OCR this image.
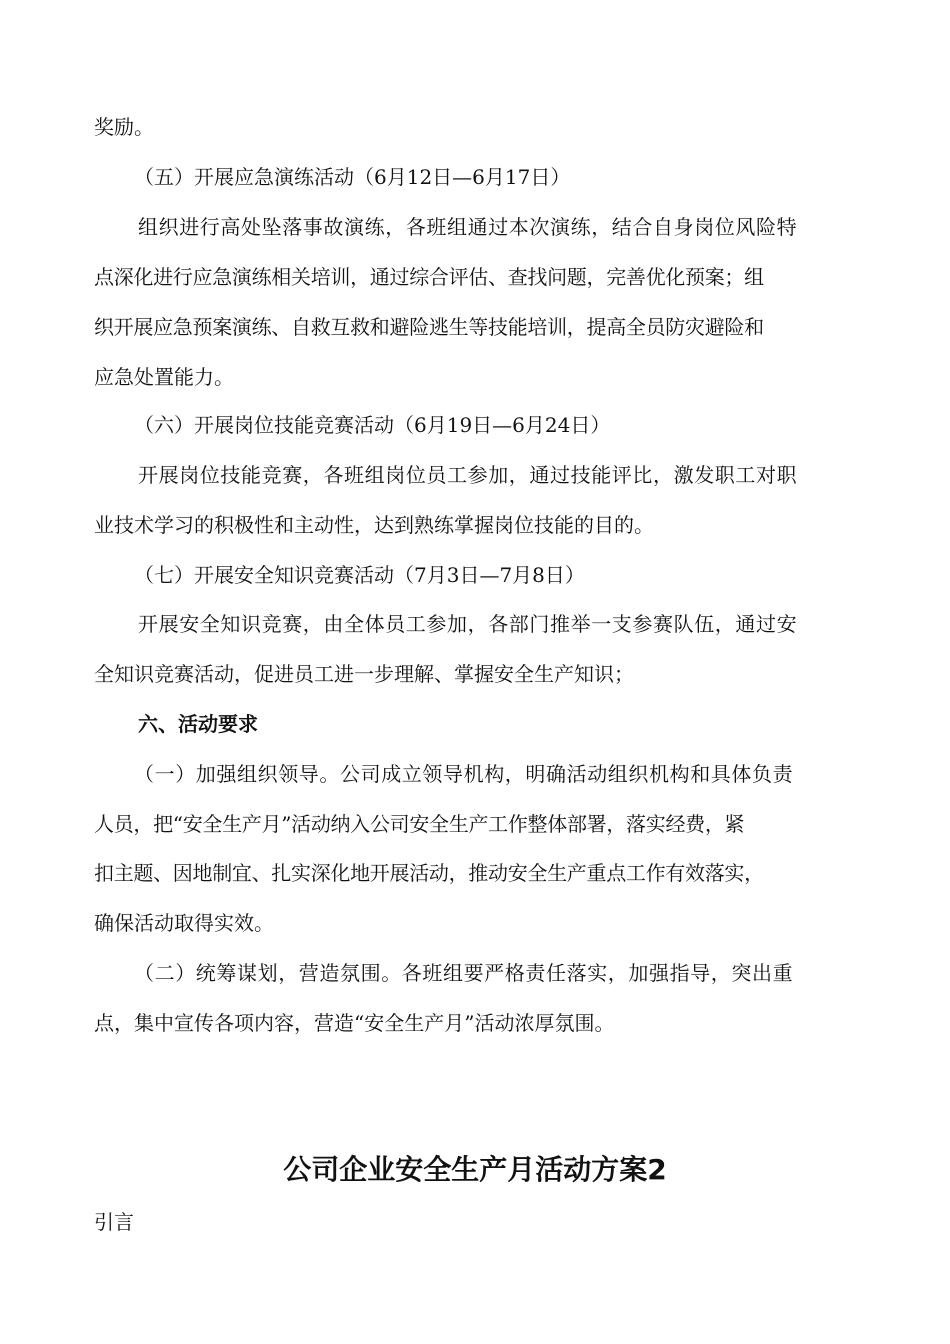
奖励。
（五）开展应急演练活动（6月12日—6月17日）
组织进行高处坠落事故演练，各班组通过本次演练，结合自身岗位风险特
点深化进行应急演练相关培训，通过综合评估、查找问题，完善优化预案；组
织开展应急预案演练、自救互救和避险逃生等技能培训，提高全员防灾避险和
应急处置能力。
（六）开展岗位技能竞赛活动（6月19日—6月24日）
开展岗位技能竞赛，各班组岗位员工参加，通过技能评比，激发职工对职
业技术学习的积极性和主动性，达到熟练掌握岗位技能的目的。
（七）开展安全知识竞赛活动（7月3日—7月8日）
开展安全知识竞赛，由全体员工参加，各部门推举一支参赛队伍，通过安
全知识竞赛活动，促进员工进一步理解、掌握安全生产知识；
六、活动要求
（一）加强组织领导。公司成立领导机构，明确活动组织机构和具体负责
人员，把“安全生产月”活动纳入公司安全生产工作整体部署，落实经费，紧
扣主题、因地制宜、扎实深化地开展活动，推动安全生产重点工作有效落实，
确保活动取得实效。
（二）统筹谋划，营造氛围。各班组要严格责任落实，加强指导，突出重
点，集中宣传各项内容，营造“安全生产月”活动浓厚氛围。
公司企业安全生产月活动方案2
引言
